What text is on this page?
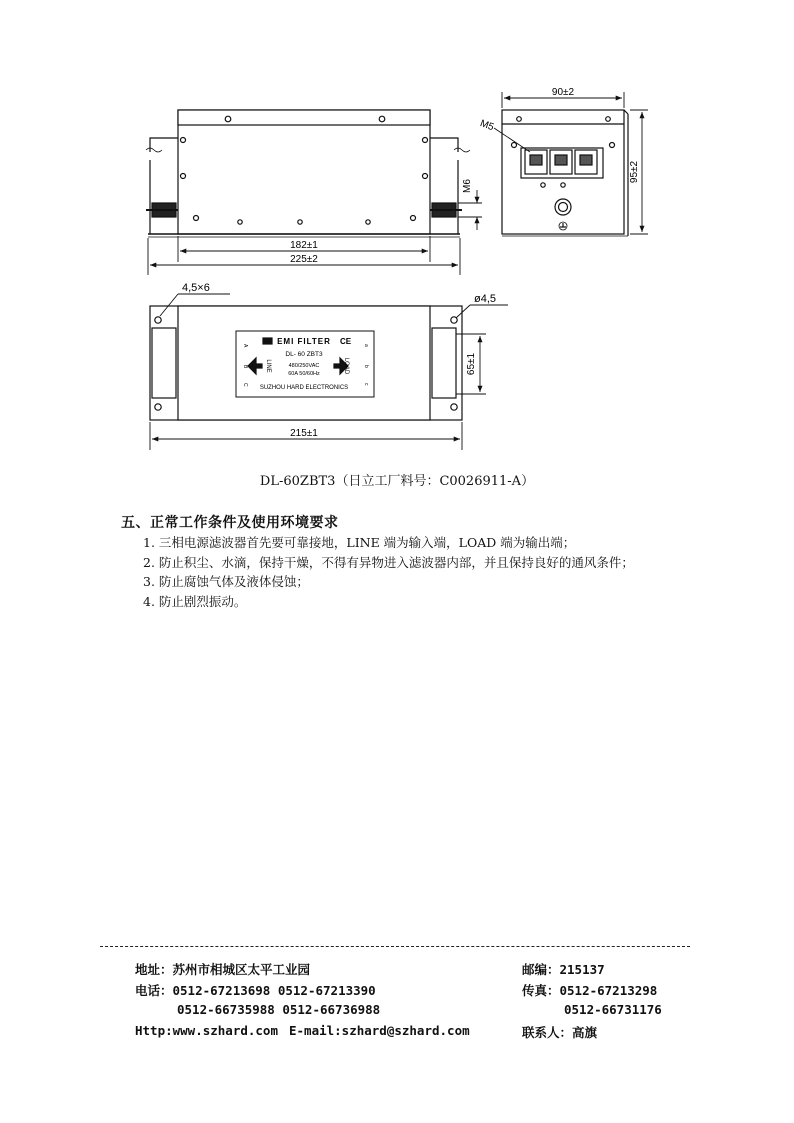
182±1
225±2
M6
90±2
95±2
M5
215±1
65±1
4,5×6
ø4,5
EMI FILTER CE
DL- 60 ZBT3
480/250VAC
60A 50/60Hz
SUZHOU HARD ELECTRONICS
LINE	LOAD
A
B
C
a
b
c
DL-60ZBT3（日立工厂料号：C0026911-A）
五、正常工作条件及使用环境要求
1. 三相电源滤波器首先要可靠接地，LINE 端为输入端，LOAD 端为输出端；
2. 防止积尘、水滴，保持干燥，不得有异物进入滤波器内部，并且保持良好的通风条件；
3. 防止腐蚀气体及液体侵蚀；
4. 防止剧烈振动。
地址：苏州市相城区太平工业园	邮编：215137
电话：0512-67213698 0512-67213390	传真：0512-67213298
0512-66735988 0512-66736988	0512-66731176
Http:www.szhard.com E-mail:szhard@szhard.com	联系人：高旗
